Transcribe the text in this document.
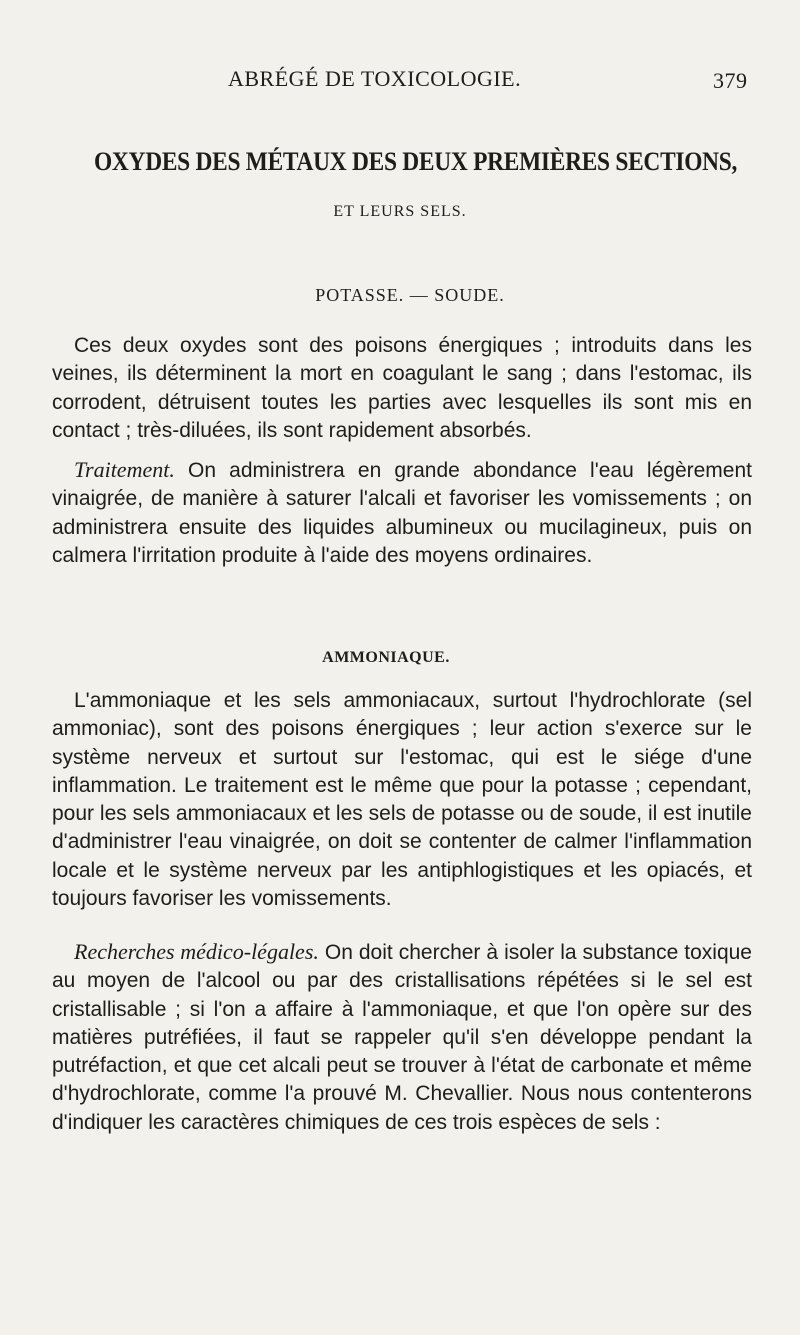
ABRÉGÉ DE TOXICOLOGIE.	379
OXYDES DES MÉTAUX DES DEUX PREMIÈRES SECTIONS,
ET LEURS SELS.
POTASSE. — SOUDE.

Ces deux oxydes sont des poisons énergiques ; introduits dans les veines, ils déterminent la mort en coagulant le sang ; dans l'estomac, ils corrodent, détruisent toutes les parties avec lesquelles ils sont mis en contact ; très-diluées, ils sont rapidement absorbés.

Traitement. On administrera en grande abondance l'eau légèrement vinaigrée, de manière à saturer l'alcali et favoriser les vomissements ; on administrera ensuite des liquides albumineux ou mucilagineux, puis on calmera l'irritation produite à l'aide des moyens ordinaires.

AMMONIAQUE.

L'ammoniaque et les sels ammoniacaux, surtout l'hydrochlorate (sel ammoniac), sont des poisons énergiques ; leur action s'exerce sur le système nerveux et surtout sur l'estomac, qui est le siége d'une inflammation. Le traitement est le même que pour la potasse ; cependant, pour les sels ammoniacaux et les sels de potasse ou de soude, il est inutile d'administrer l'eau vinaigrée, on doit se contenter de calmer l'inflammation locale et le système nerveux par les antiphlogistiques et les opiacés, et toujours favoriser les vomissements.

Recherches médico-légales. On doit chercher à isoler la substance toxique au moyen de l'alcool ou par des cristallisations répétées si le sel est cristallisable ; si l'on a affaire à l'ammoniaque, et que l'on opère sur des matières putréfiées, il faut se rappeler qu'il s'en développe pendant la putréfaction, et que cet alcali peut se trouver à l'état de carbonate et même d'hydrochlorate, comme l'a prouvé M. Chevallier. Nous nous contenterons d'indiquer les caractères chimiques de ces trois espèces de sels :
